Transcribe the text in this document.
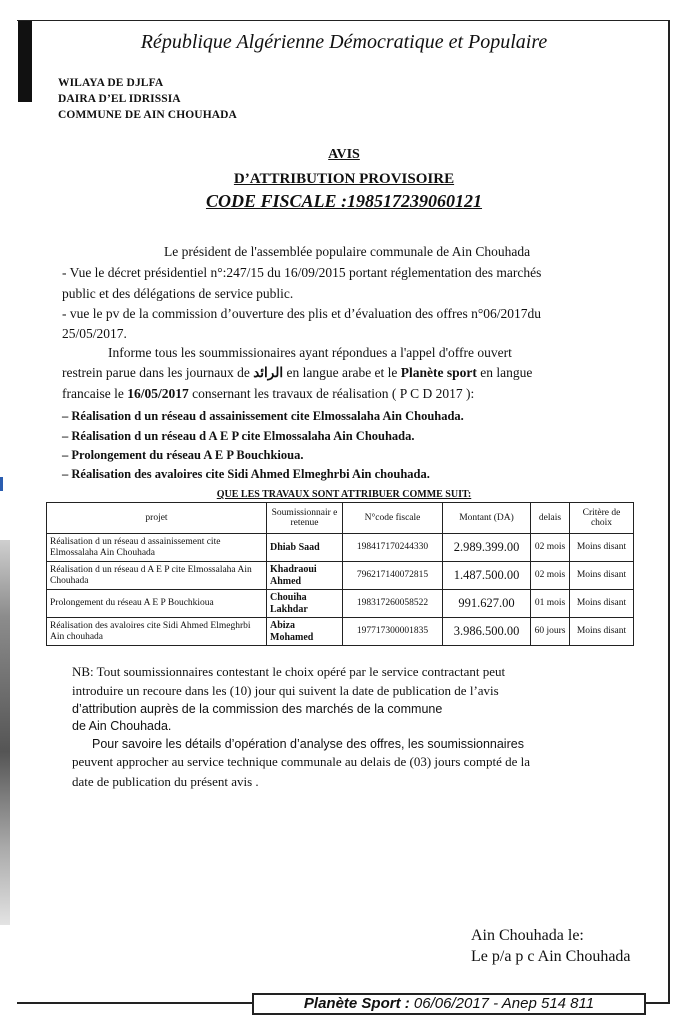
République Algérienne Démocratique et Populaire
WILAYA DE DJLFA
DAIRA D’EL IDRISSIA
COMMUNE DE AIN CHOUHADA
AVIS
D’ATTRIBUTION PROVISOIRE
CODE FISCALE :198517239060121
Le président de l'assemblée populaire communale de Ain Chouhada
- Vue le décret présidentiel n°:247/15 du 16/09/2015 portant réglementation des marchés
public et des délégations de service public.
- vue le pv de la commission d’ouverture des plis et d’évaluation des offres n°06/2017du
25/05/2017.
Informe tous les soummissionaires ayant répondues a l'appel d'offre ouvert
restrein parue dans les journaux de الرائد en langue arabe et le Planète sport en langue
francaise le 16/05/2017 consernant les travaux de réalisation ( P C D 2017 ):
– Réalisation d un réseau d assainissement cite Elmossalaha Ain Chouhada.
– Réalisation d un réseau d A E P cite Elmossalaha Ain Chouhada.
– Prolongement du réseau A E P Bouchkioua.
– Réalisation des avaloires cite Sidi Ahmed Elmeghrbi Ain chouhada.
QUE LES TRAVAUX SONT ATTRIBUER COMME SUIT:
projet	Soumissionnair e retenue	N°code fiscale	Montant (DA)	delais	Critère de choix
Réalisation d un réseau d assainissement cite Elmossalaha Ain Chouhada	Dhiab Saad	198417170244330	2.989.399.00	02 mois	Moins disant
Réalisation d un réseau d A E P cite Elmossalaha Ain Chouhada	Khadraoui Ahmed	796217140072815	1.487.500.00	02 mois	Moins disant
Prolongement du réseau A E P Bouchkioua	Chouiha Lakhdar	198317260058522	991.627.00	01 mois	Moins disant
Réalisation des avaloires cite Sidi Ahmed Elmeghrbi Ain chouhada	Abiza Mohamed	197717300001835	3.986.500.00	60 jours	Moins disant
NB: Tout soumissionnaires contestant le choix opéré par le service contractant peut
introduire un recoure dans les (10) jour qui suivent la date de publication de l’avis
d’attribution auprès de la commission des marchés de la commune
de Ain Chouhada.
Pour savoire les détails d’opération d’analyse des offres, les soumissionnaires
peuvent approcher au service technique communale au delais de (03) jours compté de la
date de publication du présent avis .
Ain Chouhada le:
Le p/a p c Ain Chouhada
Planète Sport : 06/06/2017 - Anep 514 811
